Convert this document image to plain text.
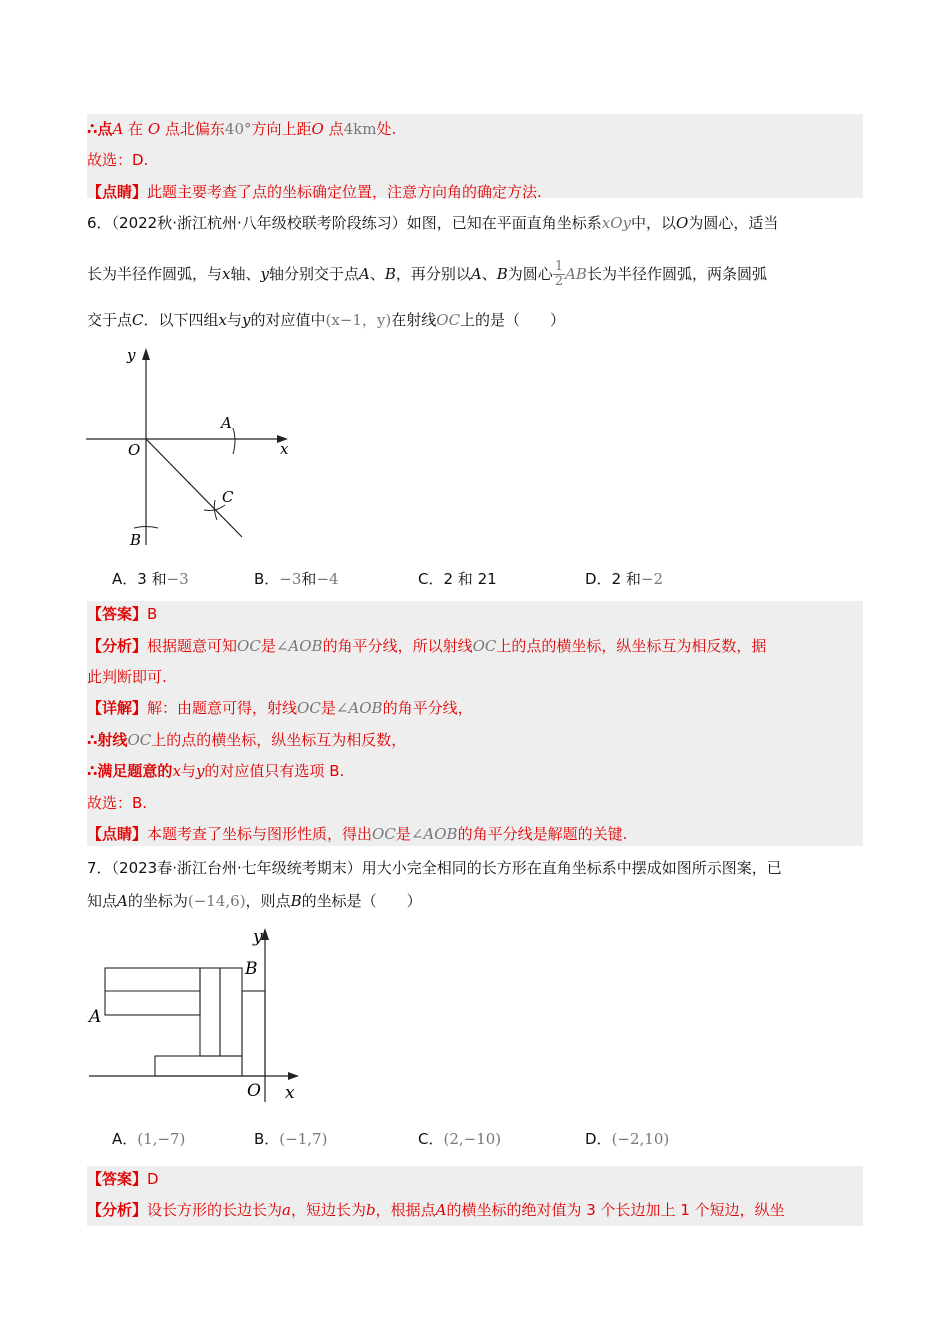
∴点A 在 O 点北偏东40°方向上距O 点4km处.
故选：D.
【点睛】此题主要考查了点的坐标确定位置，注意方向角的确定方法.
6．（2022秋·浙江杭州·八年级校联考阶段练习）如图，已知在平面直角坐标系xOy中，以O为圆心，适当
长为半径作圆弧，与x轴、y轴分别交于点A、B，再分别以A、B为圆心 $\frac{1}{2}$ AB长为半径作圆弧，两条圆弧
交于点C．以下四组x与y的对应值中(x−1，y)在射线OC上的是（　　）
y
x
O
A
B
C
A．3 和−3	B．−3和−4	C．2 和 21	D．2 和−2
【答案】B
【分析】根据题意可知OC是∠AOB的角平分线，所以射线OC上的点的横坐标，纵坐标互为相反数，据
此判断即可.
【详解】解：由题意可得，射线OC是∠AOB的角平分线，
∴射线OC上的点的横坐标，纵坐标互为相反数，
∴满足题意的x与y的对应值只有选项 B.
故选：B.
【点睛】本题考查了坐标与图形性质，得出OC是∠AOB的角平分线是解题的关键.
7．（2023春·浙江台州·七年级统考期末）用大小完全相同的长方形在直角坐标系中摆成如图所示图案，已
知点A的坐标为(−14,6)，则点B的坐标是（　　）
y
x
O
A
B
A．(1,−7)	B．(−1,7)	C．(2,−10)	D．(−2,10)
【答案】D
【分析】设长方形的长边长为a，短边长为b，根据点A的横坐标的绝对值为 3 个长边加上 1 个短边，纵坐
